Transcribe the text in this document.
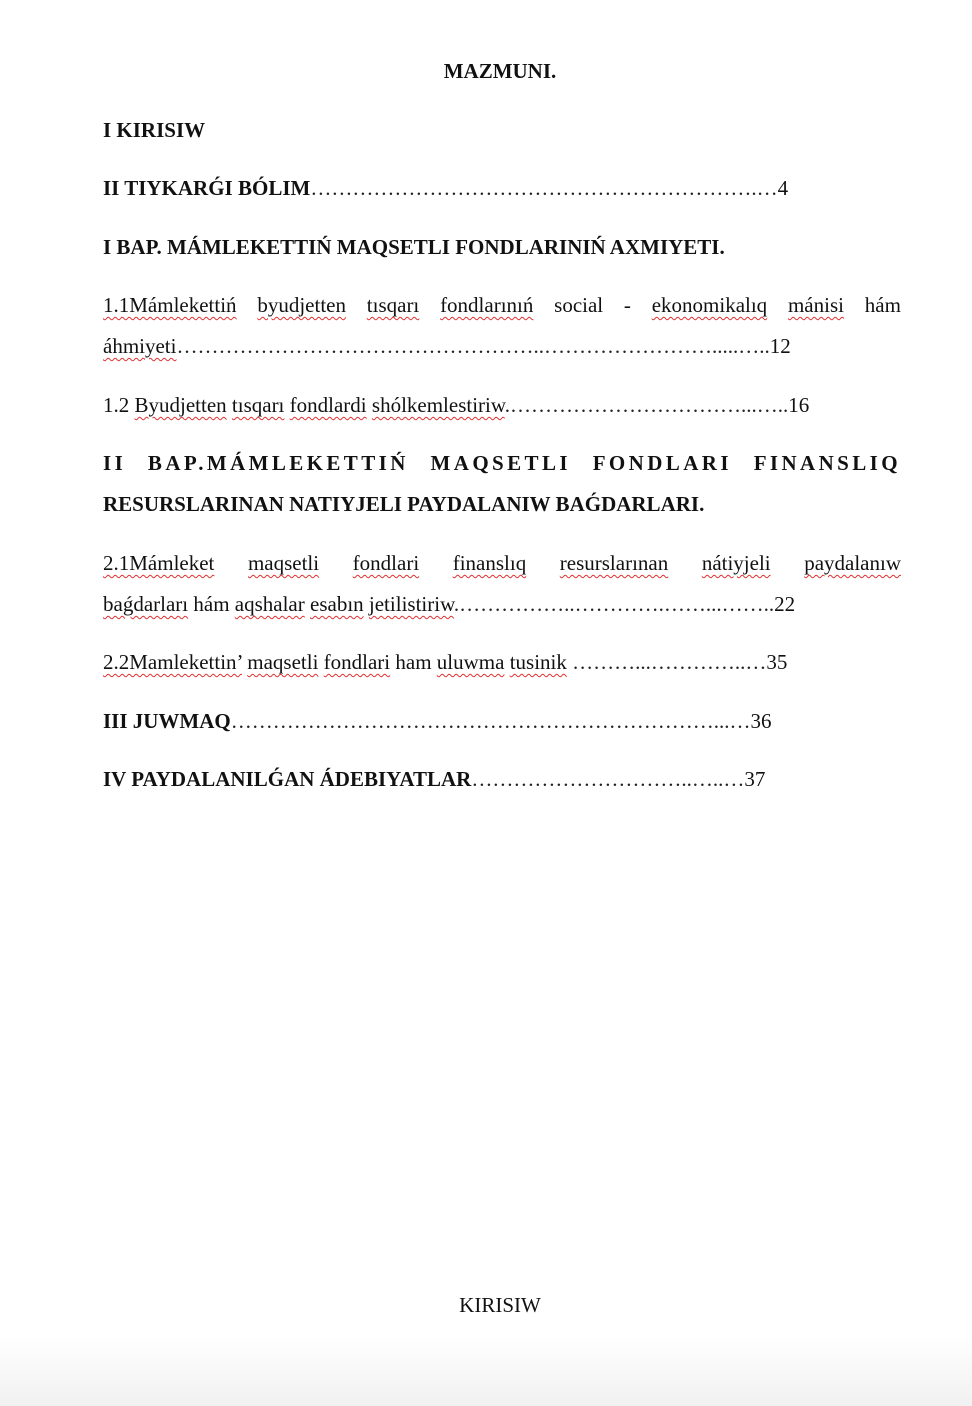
MAZMUNI.
I KIRISIW
II TIYKARǴI BÓLIM……………………………………………………….…4
I BAP. MÁMLEKETTIŃ MAQSETLI FONDLARINIŃ AXMIYETI.
1.1Mámlekettiń byudjetten tısqarı fondlarınıń social - ekonomikalıq mánisi hám
áhmiyeti……………………………………………..…………………….....…..12
1.2 Byudjetten tısqarı fondlardi shólkemlestiriw.……………………………...…..16
II BAP.MÁMLEKETTIŃ MAQSETLI FONDLARI FINANSLIQ
RESURSLARINAN NATIYJELI PAYDALANIW BAǴDARLARI.
2.1Mámleket maqsetli fondlari finanslıq resurslarınan nátiyjeli paydalanıw
baǵdarları hám aqshalar esabın jetilistiriw.……………..………….……...……..22
2.2Mamlekettin’ maqsetli fondlari ham uluwma tusinik ………...…………..…35
III JUWMAQ……………………………………………………………...…36
IV PAYDALANILǴAN ÁDEBIYATLAR…………………………..…..…37
KIRISIW
